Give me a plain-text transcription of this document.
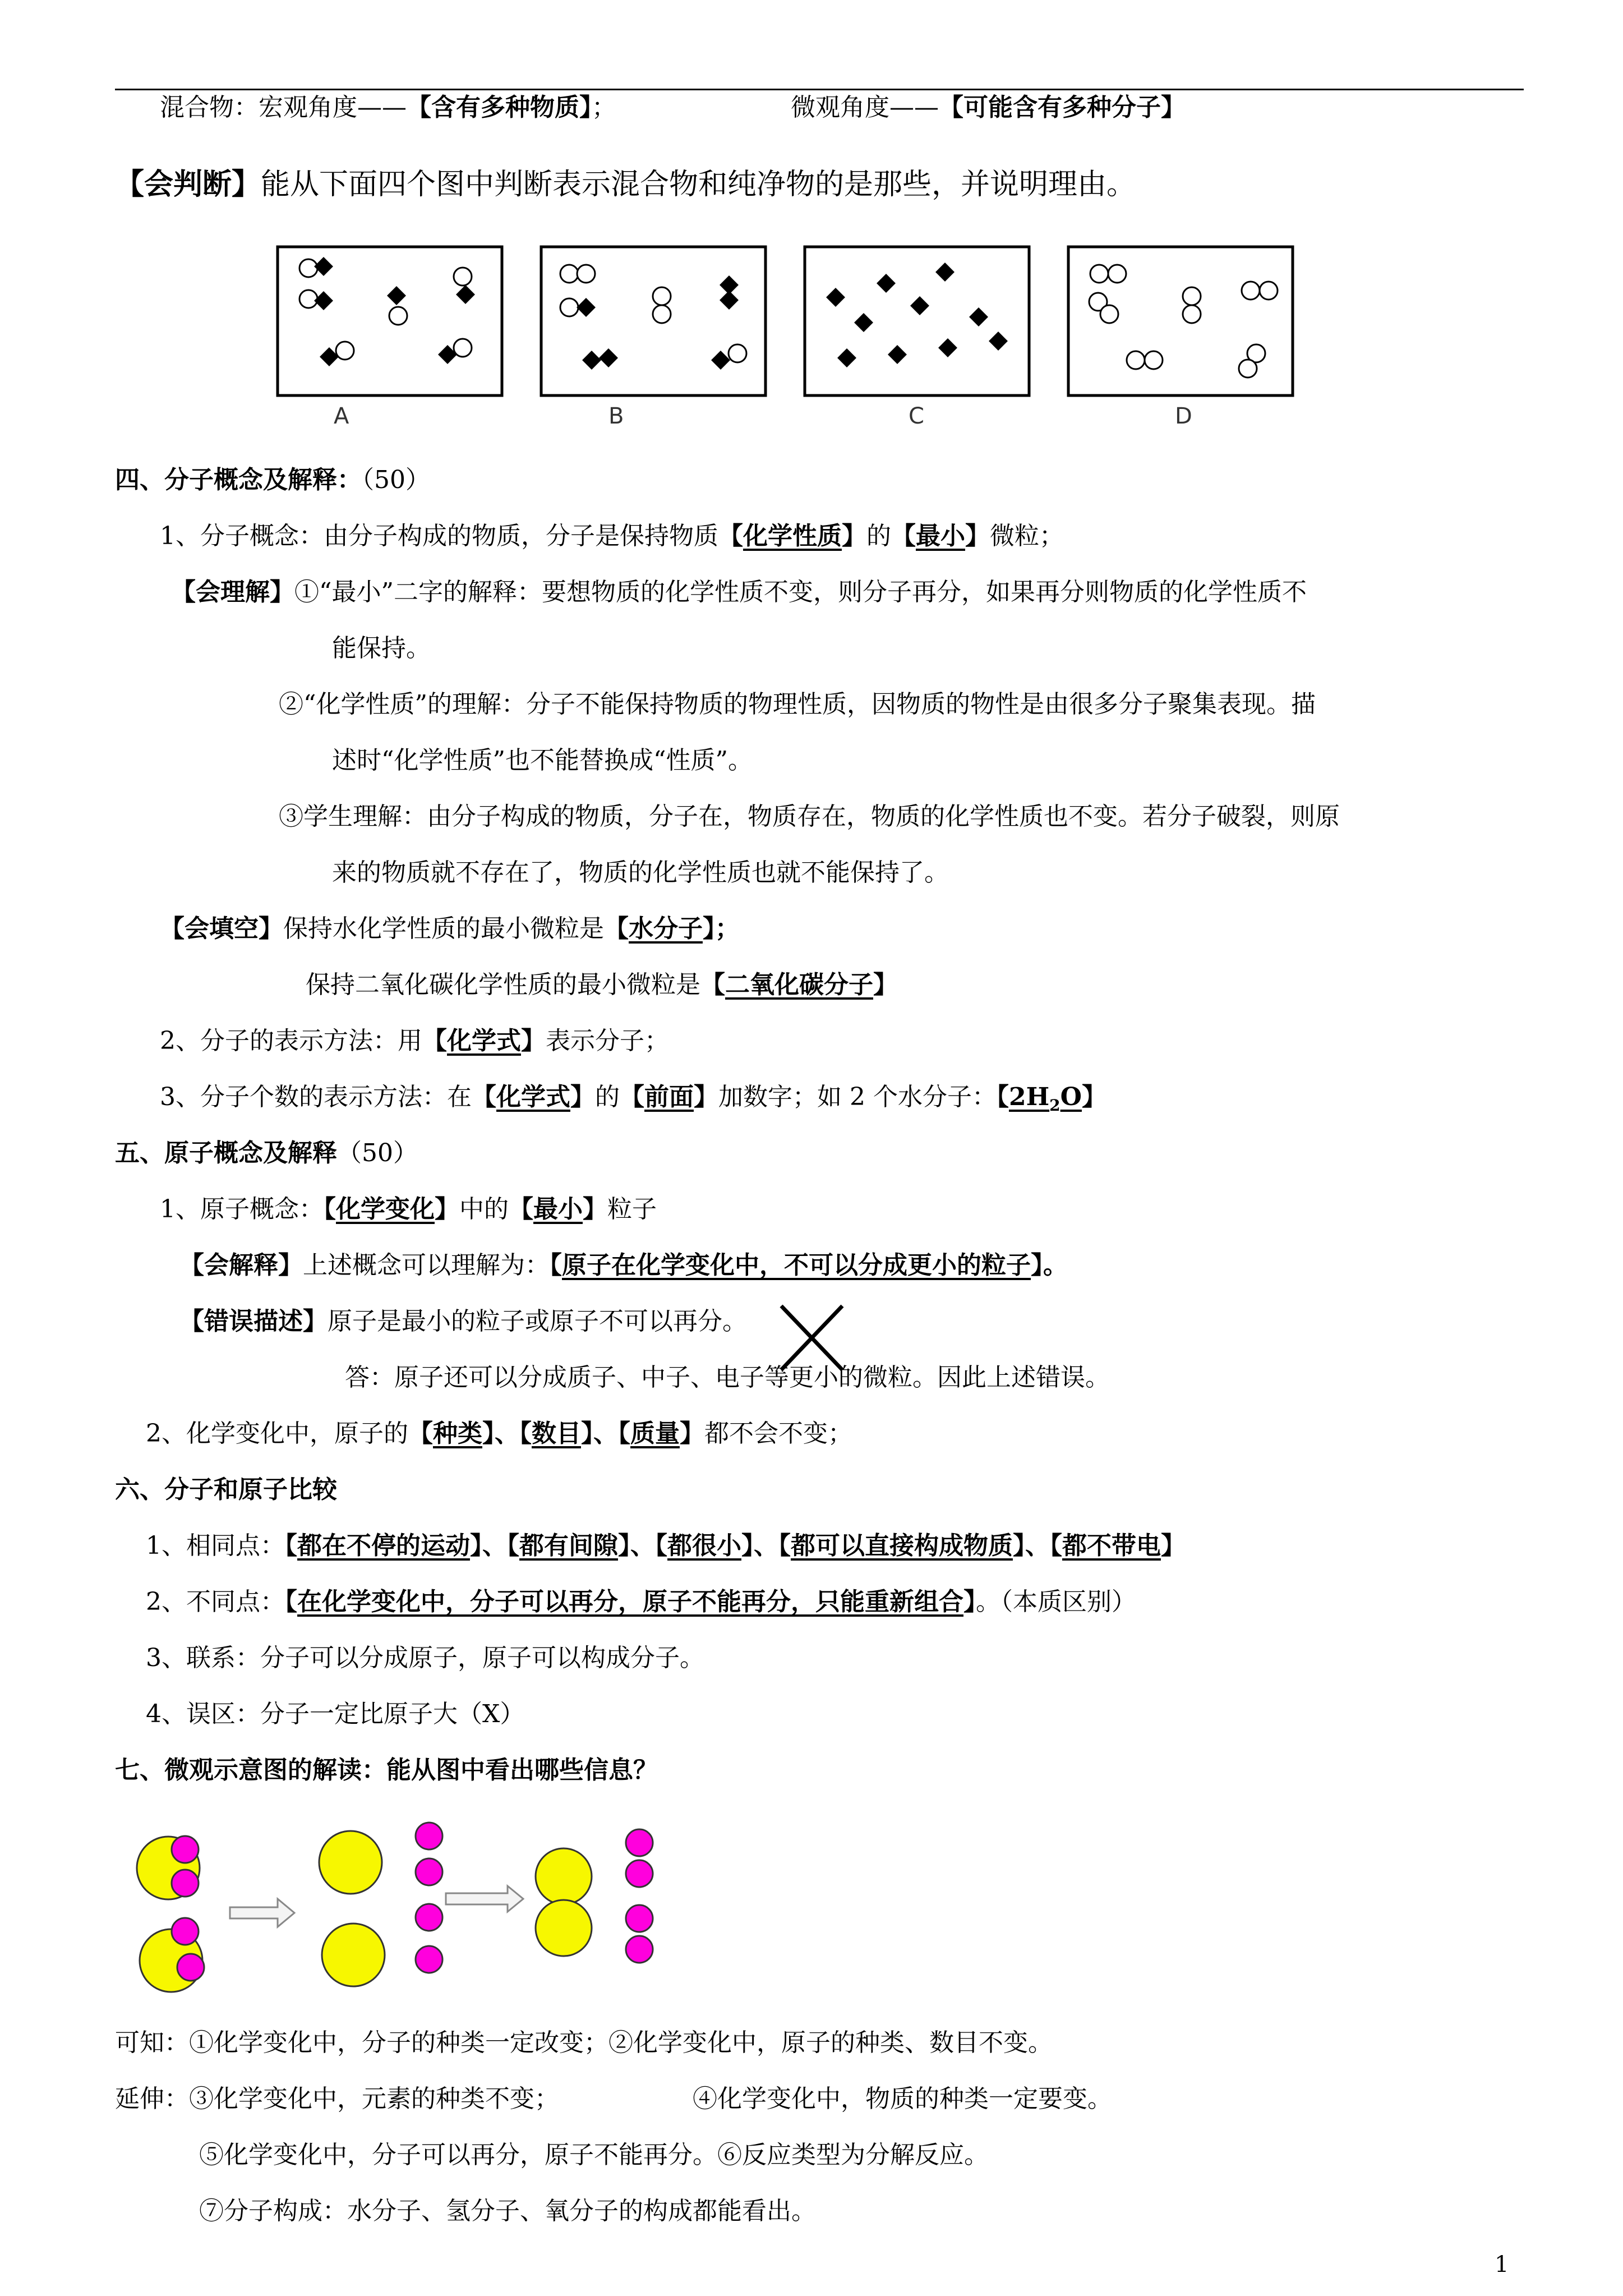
混合物：宏观角度——【含有多种物质】；	微观角度——【可能含有多种分子】
【会判断】能从下面四个图中判断表示混合物和纯净物的是那些，并说明理由。
A	B	C	D
四、分子概念及解释：（50）
1、分子概念：由分子构成的物质，分子是保持物质【化学性质】的【最小】微粒；
【会理解】①“最小”二字的解释：要想物质的化学性质不变，则分子再分，如果再分则物质的化学性质不
能保持。
②“化学性质”的理解：分子不能保持物质的物理性质，因物质的物性是由很多分子聚集表现。描
述时“化学性质”也不能替换成“性质”。
③学生理解：由分子构成的物质，分子在，物质存在，物质的化学性质也不变。若分子破裂，则原
来的物质就不存在了，物质的化学性质也就不能保持了。
【会填空】保持水化学性质的最小微粒是【水分子】；
保持二氧化碳化学性质的最小微粒是【二氧化碳分子】
2、分子的表示方法：用【化学式】表示分子；
3、分子个数的表示方法：在【化学式】的【前面】加数字；如 2 个水分子：【$2H_2O$】
五、原子概念及解释（50）
1、原子概念：【化学变化】中的【最小】粒子
【会解释】上述概念可以理解为：【原子在化学变化中，不可以分成更小的粒子】。
【错误描述】原子是最小的粒子或原子不可以再分。
答：原子还可以分成质子、中子、电子等更小的微粒。因此上述错误。
2、化学变化中，原子的【种类】、【数目】、【质量】都不会不变；
六、分子和原子比较
1、相同点：【都在不停的运动】、【都有间隙】、【都很小】、【都可以直接构成物质】、【都不带电】
2、不同点：【在化学变化中，分子可以再分，原子不能再分，只能重新组合】。（本质区别）
3、联系：分子可以分成原子，原子可以构成分子。
4、误区：分子一定比原子大（X）
七、微观示意图的解读：能从图中看出哪些信息？
可知：①化学变化中，分子的种类一定改变；②化学变化中，原子的种类、数目不变。
延伸：③化学变化中，元素的种类不变；	④化学变化中，物质的种类一定要变。
⑤化学变化中，分子可以再分，原子不能再分。⑥反应类型为分解反应。
⑦分子构成：水分子、氢分子、氧分子的构成都能看出。
1
